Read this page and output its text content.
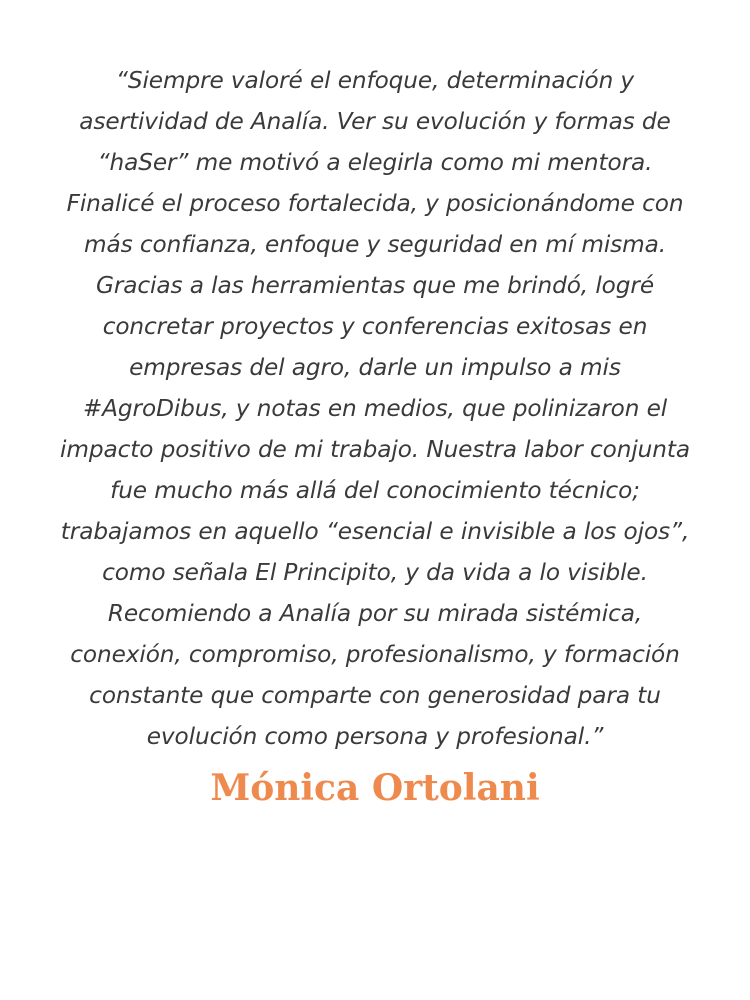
“Siempre valoré el enfoque, determinación y asertividad de Analía. Ver su evolución y formas de “haSer” me motivó a elegirla como mi mentora. Finalicé el proceso fortalecida, y posicionándome con más confianza, enfoque y seguridad en mí misma. Gracias a las herramientas que me brindó, logré concretar proyectos y conferencias exitosas en empresas del agro, darle un impulso a mis #AgroDibus, y notas en medios, que polinizaron el impacto positivo de mi trabajo. Nuestra labor conjunta fue mucho más allá del conocimiento técnico; trabajamos en aquello “esencial e invisible a los ojos”, como señala El Principito, y da vida a lo visible. Recomiendo a Analía por su mirada sistémica, conexión, compromiso, profesionalismo, y formación constante que comparte con generosidad para tu evolución como persona y profesional.”

Mónica Ortolani
